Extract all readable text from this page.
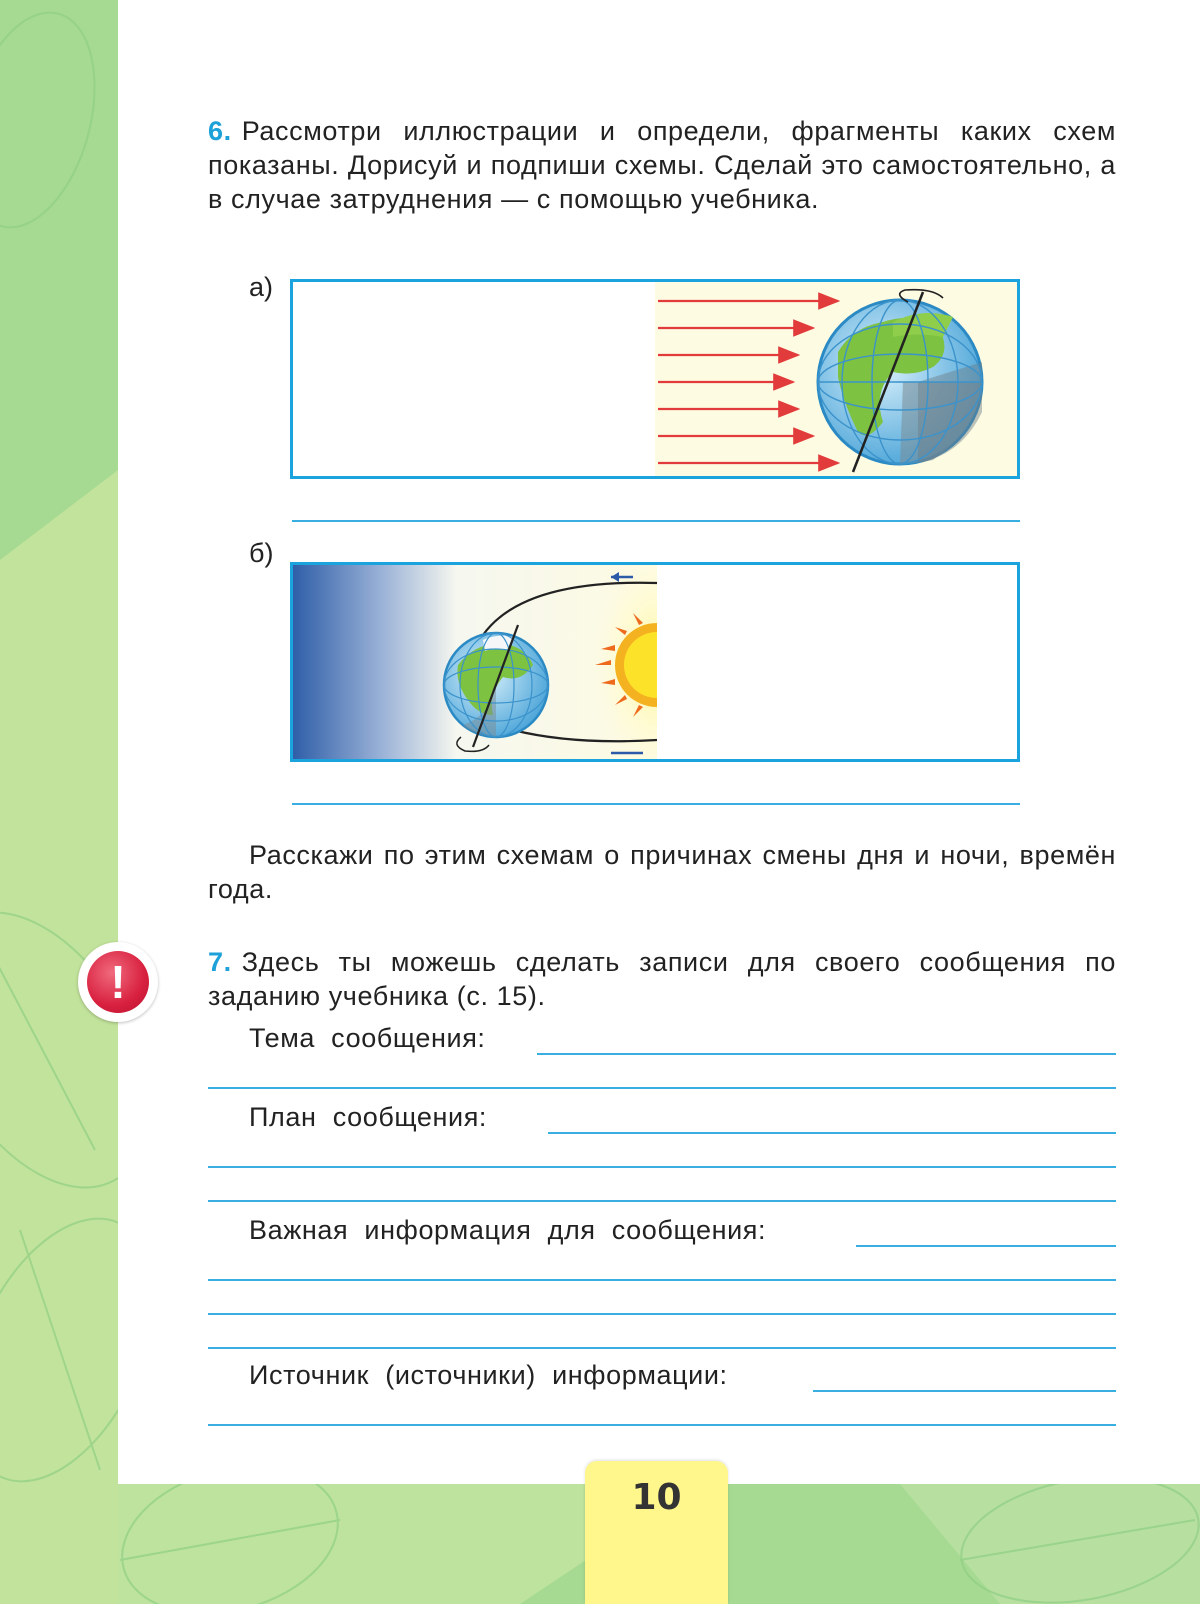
6. Рассмотри иллюстрации и определи, фрагменты каких схем показаны. Дорисуй и подпиши схемы. Сделай это самостоятельно, а в случае затруднения — с помощью учебника.

а)
б)

Расскажи по этим схемам о причинах смены дня и ночи, времён года.

!	7. Здесь ты можешь сделать записи для своего сообщения по заданию учебника (с. 15).

Тема  сообщения:
План  сообщения:
Важная  информация  для  сообщения:
Источник  (источники)  информации:
10
